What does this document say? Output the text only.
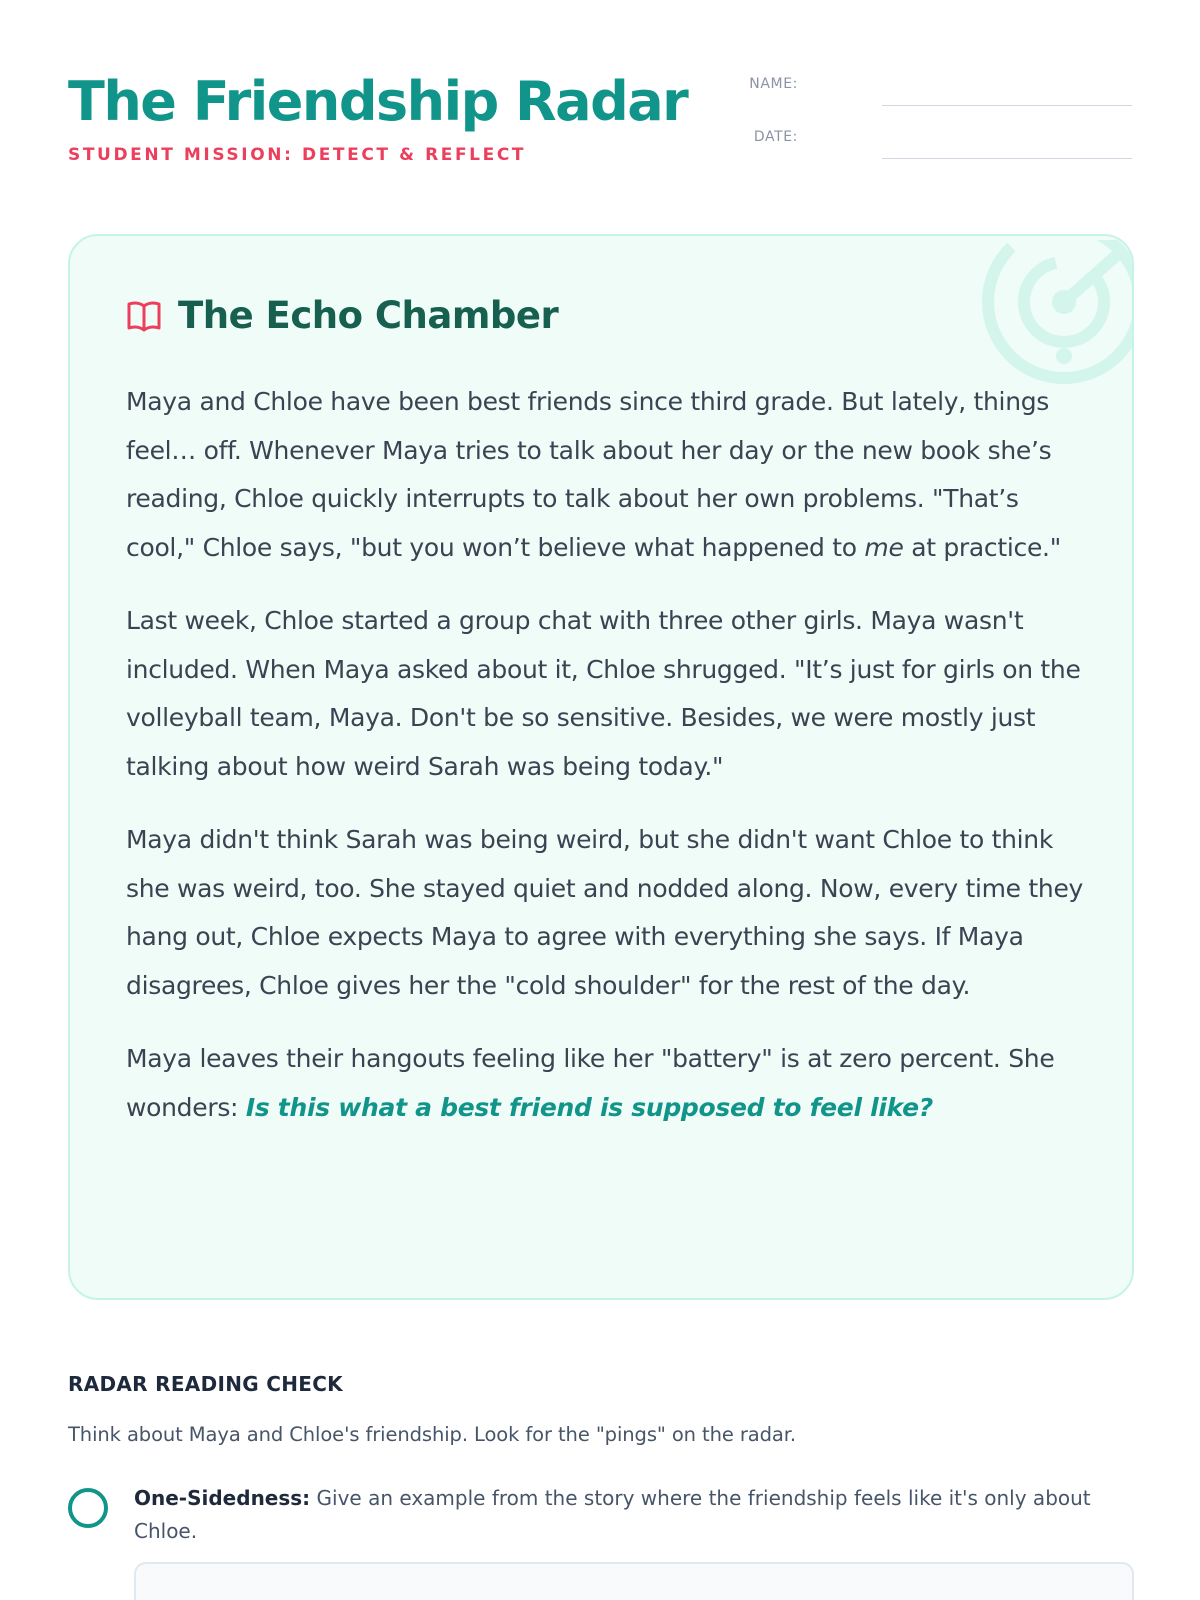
The Friendship Radar
STUDENT MISSION: DETECT & REFLECT
NAME:
DATE:
The Echo Chamber

Maya and Chloe have been best friends since third grade. But lately, things feel… off. Whenever Maya tries to talk about her day or the new book she’s reading, Chloe quickly interrupts to talk about her own problems. "That’s cool," Chloe says, "but you won’t believe what happened to me at practice."

Last week, Chloe started a group chat with three other girls. Maya wasn't included. When Maya asked about it, Chloe shrugged. "It’s just for girls on the volleyball team, Maya. Don't be so sensitive. Besides, we were mostly just talking about how weird Sarah was being today."

Maya didn't think Sarah was being weird, but she didn't want Chloe to think she was weird, too. She stayed quiet and nodded along. Now, every time they hang out, Chloe expects Maya to agree with everything she says. If Maya disagrees, Chloe gives her the "cold shoulder" for the rest of the day.

Maya leaves their hangouts feeling like her "battery" is at zero percent. She wonders: Is this what a best friend is supposed to feel like?

RADAR READING CHECK
Think about Maya and Chloe's friendship. Look for the "pings" on the radar.
One-Sidedness: Give an example from the story where the friendship feels like it's only about Chloe.
